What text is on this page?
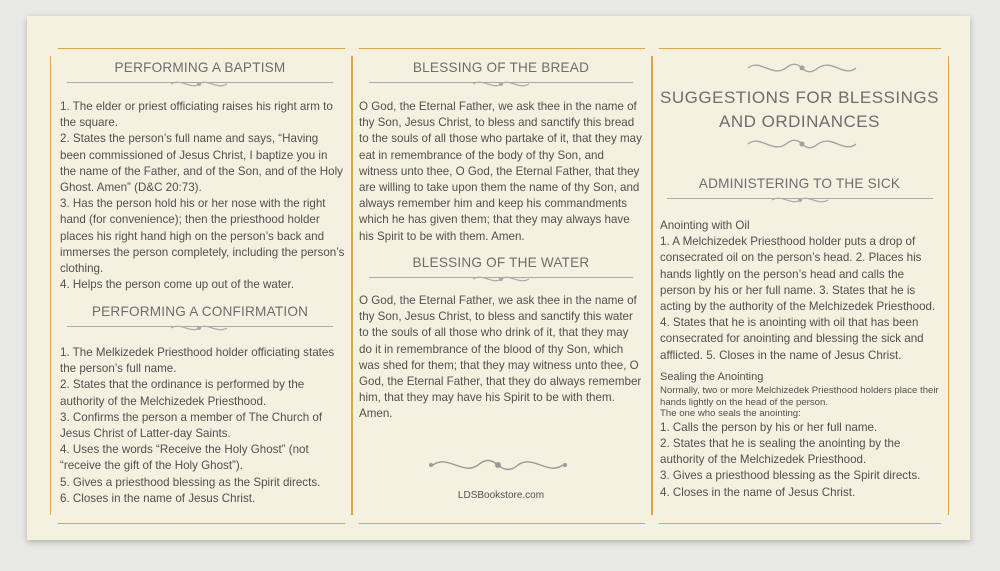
PERFORMING A BAPTISM

1. The elder or priest officiating raises his right arm to the square.

2. States the person’s full name and says, “Having been commissioned of Jesus Christ, I baptize you in the name of the Father, and of the Son, and of the Holy Ghost. Amen” (D&C 20:73).

3. Has the person hold his or her nose with the right hand (for convenience); then the priesthood holder places his right hand high on the person’s back and immerses the person completely, including the person’s clothing.

4. Helps the person come up out of the water.

PERFORMING A CONFIRMATION

1. The Melkizedek Priesthood holder officiating states the person’s full name.

2. States that the ordinance is performed by the authority of the Melchizedek Priesthood.

3. Confirms the person a member of The Church of Jesus Christ of Latter-day Saints.

4. Uses the words “Receive the Holy Ghost” (not “receive the gift of the Holy Ghost”).

5. Gives a priesthood blessing as the Spirit directs.

6. Closes in the name of Jesus Christ.

BLESSING OF THE BREAD
O God, the Eternal Father, we ask thee in the name of thy Son, Jesus Christ, to bless and sanctify this bread to the souls of all those who partake of it, that they may eat in remembrance of the body of thy Son, and witness unto thee, O God, the Eternal Father, that they are willing to take upon them the name of thy Son, and always remember him and keep his commandments which he has given them; that they may always have his Spirit to be with them. Amen.
BLESSING OF THE WATER
O God, the Eternal Father, we ask thee in the name of thy Son, Jesus Christ, to bless and sanctify this water to the souls of all those who drink of it, that they may do it in remembrance of the blood of thy Son, which was shed for them; that they may witness unto thee, O God, the Eternal Father, that they do always remember him, that they may have his Spirit to be with them. Amen.
LDSBookstore.com
SUGGESTIONS FOR BLESSINGS
AND ORDINANCES
ADMINISTERING TO THE SICK

Anointing with Oil

1. A Melchizedek Priesthood holder puts a drop of consecrated oil on the person’s head. 2. Places his hands lightly on the person’s head and calls the person by his or her full name. 3. States that he is acting by the authority of the Melchizedek Priesthood. 4. States that he is anointing with oil that has been consecrated for anointing and blessing the sick and afflicted. 5. Closes in the name of Jesus Christ.

Sealing the Anointing

Normally, two or more Melchizedek Priesthood holders place their hands lightly on the head of the person.

The one who seals the anointing:

1. Calls the person by his or her full name.

2. States that he is sealing the anointing by the authority of the Melchizedek Priesthood.

3. Gives a priesthood blessing as the Spirit directs.

4. Closes in the name of Jesus Christ.
